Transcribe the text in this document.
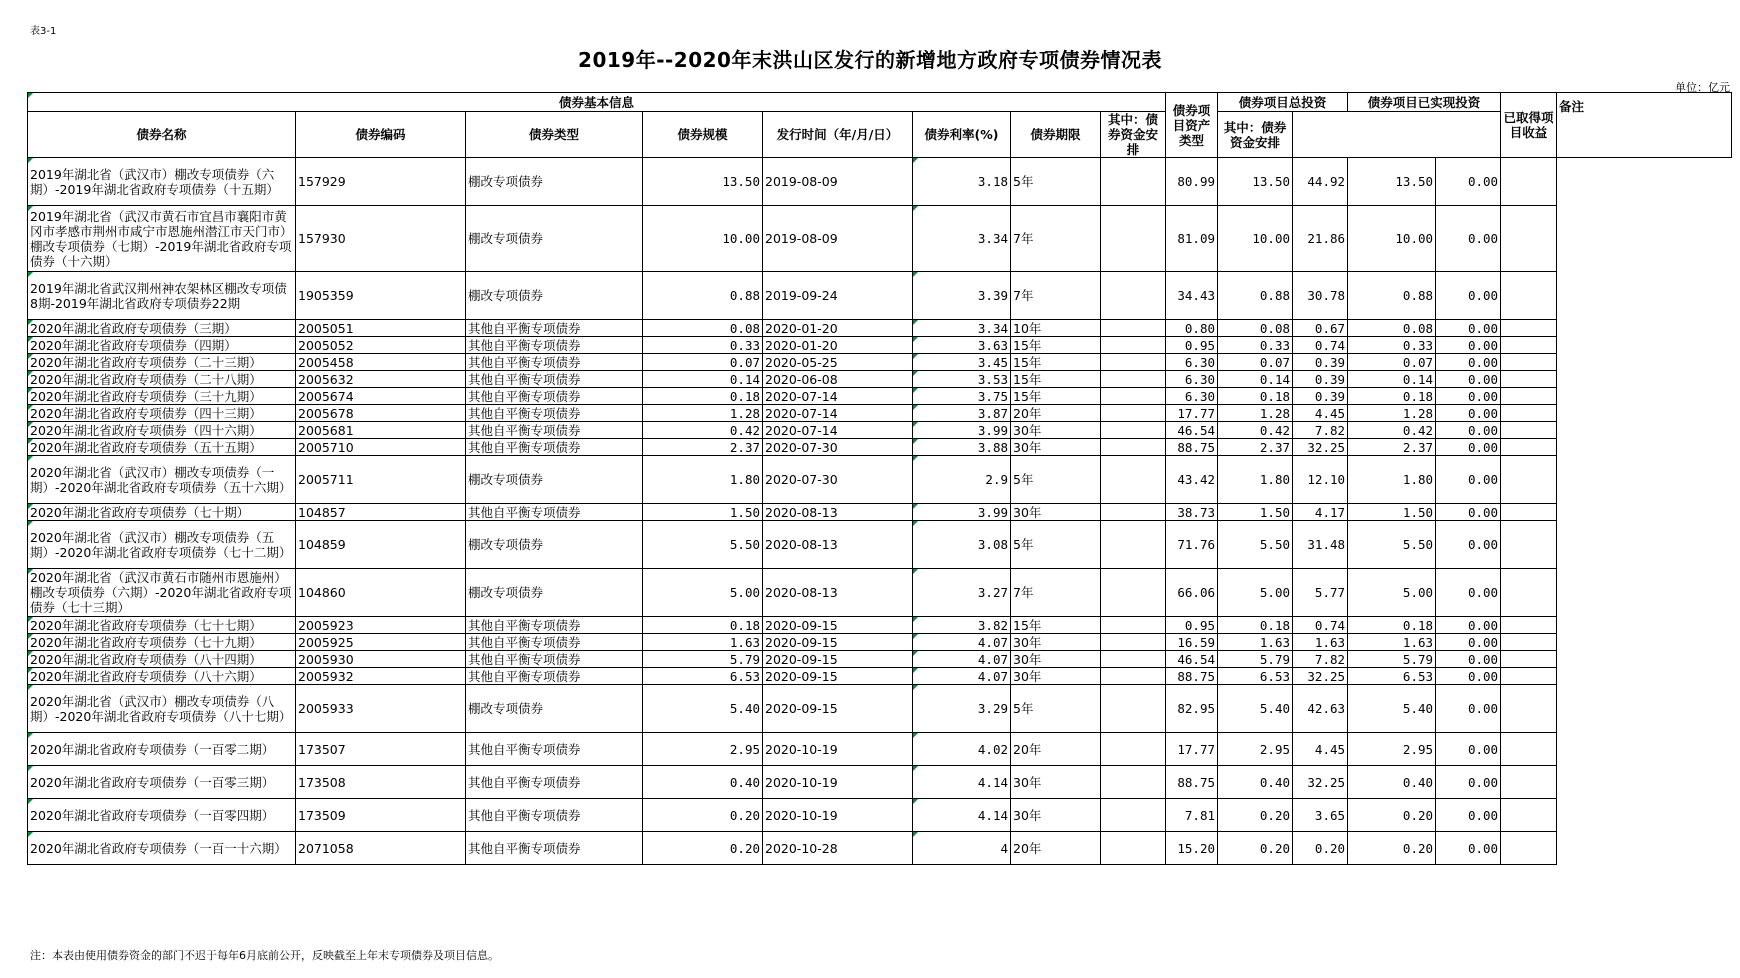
表3-1
2019年--2020年末洪山区发行的新增地方政府专项债券情况表
单位：亿元
债券基本信息								债券项目资产类型	债券项目总投资		债券项目已实现投资		已取得项目收益	备注
债券名称	债券编码	债券类型	债券规模	发行时间（年/月/日）	债券利率(%)	债券期限	其中：债券资金安排		其中：债券资金安排					
2019年湖北省（武汉市）棚改专项债券（六期）-2019年湖北省政府专项债券（十五期）	157929	棚改专项债券	13.50	2019-08-09	3.18	5年		80.99	13.50	44.92	13.50	0.00		
2019年湖北省（武汉市黄石市宜昌市襄阳市黄冈市孝感市荆州市咸宁市恩施州潜江市天门市）棚改专项债券（七期）-2019年湖北省政府专项债券（十六期）	157930	棚改专项债券	10.00	2019-08-09	3.34	7年		81.09	10.00	21.86	10.00	0.00		
2019年湖北省武汉荆州神农架林区棚改专项债8期-2019年湖北省政府专项债券22期	1905359	棚改专项债券	0.88	2019-09-24	3.39	7年		34.43	0.88	30.78	0.88	0.00		
2020年湖北省政府专项债券（三期）	2005051	其他自平衡专项债券	0.08	2020-01-20	3.34	10年		0.80	0.08	0.67	0.08	0.00		
2020年湖北省政府专项债券（四期）	2005052	其他自平衡专项债券	0.33	2020-01-20	3.63	15年		0.95	0.33	0.74	0.33	0.00		
2020年湖北省政府专项债券（二十三期）	2005458	其他自平衡专项债券	0.07	2020-05-25	3.45	15年		6.30	0.07	0.39	0.07	0.00		
2020年湖北省政府专项债券（二十八期）	2005632	其他自平衡专项债券	0.14	2020-06-08	3.53	15年		6.30	0.14	0.39	0.14	0.00		
2020年湖北省政府专项债券（三十九期）	2005674	其他自平衡专项债券	0.18	2020-07-14	3.75	15年		6.30	0.18	0.39	0.18	0.00		
2020年湖北省政府专项债券（四十三期）	2005678	其他自平衡专项债券	1.28	2020-07-14	3.87	20年		17.77	1.28	4.45	1.28	0.00		
2020年湖北省政府专项债券（四十六期）	2005681	其他自平衡专项债券	0.42	2020-07-14	3.99	30年		46.54	0.42	7.82	0.42	0.00		
2020年湖北省政府专项债券（五十五期）	2005710	其他自平衡专项债券	2.37	2020-07-30	3.88	30年		88.75	2.37	32.25	2.37	0.00		
2020年湖北省（武汉市）棚改专项债券（一期）-2020年湖北省政府专项债券（五十六期）	2005711	棚改专项债券	1.80	2020-07-30	2.9	5年		43.42	1.80	12.10	1.80	0.00		
2020年湖北省政府专项债券（七十期）	104857	其他自平衡专项债券	1.50	2020-08-13	3.99	30年		38.73	1.50	4.17	1.50	0.00		
2020年湖北省（武汉市）棚改专项债券（五期）-2020年湖北省政府专项债券（七十二期）	104859	棚改专项债券	5.50	2020-08-13	3.08	5年		71.76	5.50	31.48	5.50	0.00		
2020年湖北省（武汉市黄石市随州市恩施州）棚改专项债券（六期）-2020年湖北省政府专项债券（七十三期）	104860	棚改专项债券	5.00	2020-08-13	3.27	7年		66.06	5.00	5.77	5.00	0.00		
2020年湖北省政府专项债券（七十七期）	2005923	其他自平衡专项债券	0.18	2020-09-15	3.82	15年		0.95	0.18	0.74	0.18	0.00		
2020年湖北省政府专项债券（七十九期）	2005925	其他自平衡专项债券	1.63	2020-09-15	4.07	30年		16.59	1.63	1.63	1.63	0.00		
2020年湖北省政府专项债券（八十四期）	2005930	其他自平衡专项债券	5.79	2020-09-15	4.07	30年		46.54	5.79	7.82	5.79	0.00		
2020年湖北省政府专项债券（八十六期）	2005932	其他自平衡专项债券	6.53	2020-09-15	4.07	30年		88.75	6.53	32.25	6.53	0.00		
2020年湖北省（武汉市）棚改专项债券（八期）-2020年湖北省政府专项债券（八十七期）	2005933	棚改专项债券	5.40	2020-09-15	3.29	5年		82.95	5.40	42.63	5.40	0.00		
2020年湖北省政府专项债券（一百零二期）	173507	其他自平衡专项债券	2.95	2020-10-19	4.02	20年		17.77	2.95	4.45	2.95	0.00		
2020年湖北省政府专项债券（一百零三期）	173508	其他自平衡专项债券	0.40	2020-10-19	4.14	30年		88.75	0.40	32.25	0.40	0.00		
2020年湖北省政府专项债券（一百零四期）	173509	其他自平衡专项债券	0.20	2020-10-19	4.14	30年		7.81	0.20	3.65	0.20	0.00		
2020年湖北省政府专项债券（一百一十六期）	2071058	其他自平衡专项债券	0.20	2020-10-28	4	20年		15.20	0.20	0.20	0.20	0.00		
注：本表由使用债券资金的部门不迟于每年6月底前公开，反映截至上年末专项债券及项目信息。
